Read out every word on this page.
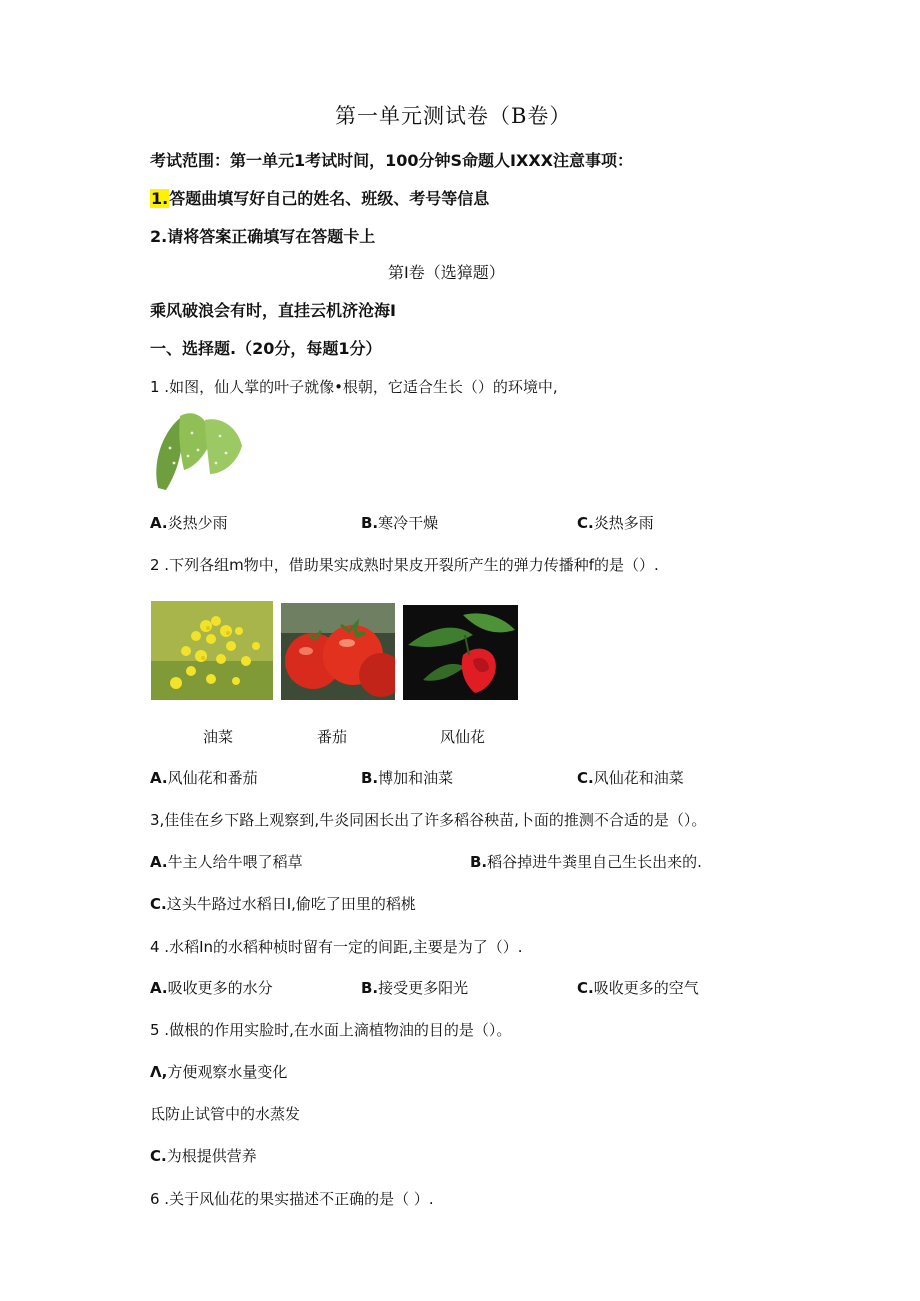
第一单元测试卷（B卷）
考试范围：第一单元1考试时间，100分钟S命题人IXXX注意事项：
1.答题曲填写好自己的姓名、班级、考号等信息
2.请将答案正确填写在答题卡上
第I卷（选獐题）
乘风破浪会有时，直挂云机济沧海I
一、选择题.（20分，每题1分）
1 .如图，仙人掌的叶子就像•根朝，它适合生长（）的环境中,
A.炎热少雨	B.寒冷干燥	C.炎热多雨
2 .下列各组m物中，借助果实成熟时果皮开裂所产生的弹力传播种f的是（）.
油菜	番茄	风仙花
A.风仙花和番茄	B.博加和油菜	C.风仙花和油菜
3,佳佳在乡下路上观察到,牛炎同困长出了许多稻谷秧苗,卜面的推测不合适的是（）。
A.牛主人给牛喂了稻草	B.稻谷掉进牛粪里自己生长出来的.
C.这头牛路过水稻日I,偷吃了田里的稻桃
4 .水稻In的水稻种桢时留有一定的间距,主要是为了（）.
A.吸收更多的水分	B.接受更多阳光	C.吸收更多的空气
5 .做根的作用实脸时,在水面上滴植物油的目的是（）。
Λ,方便观察水量变化
氐防止试管中的水蒸发
C.为根提供营养
6 .关于风仙花的果实描述不正确的是（ ）.
